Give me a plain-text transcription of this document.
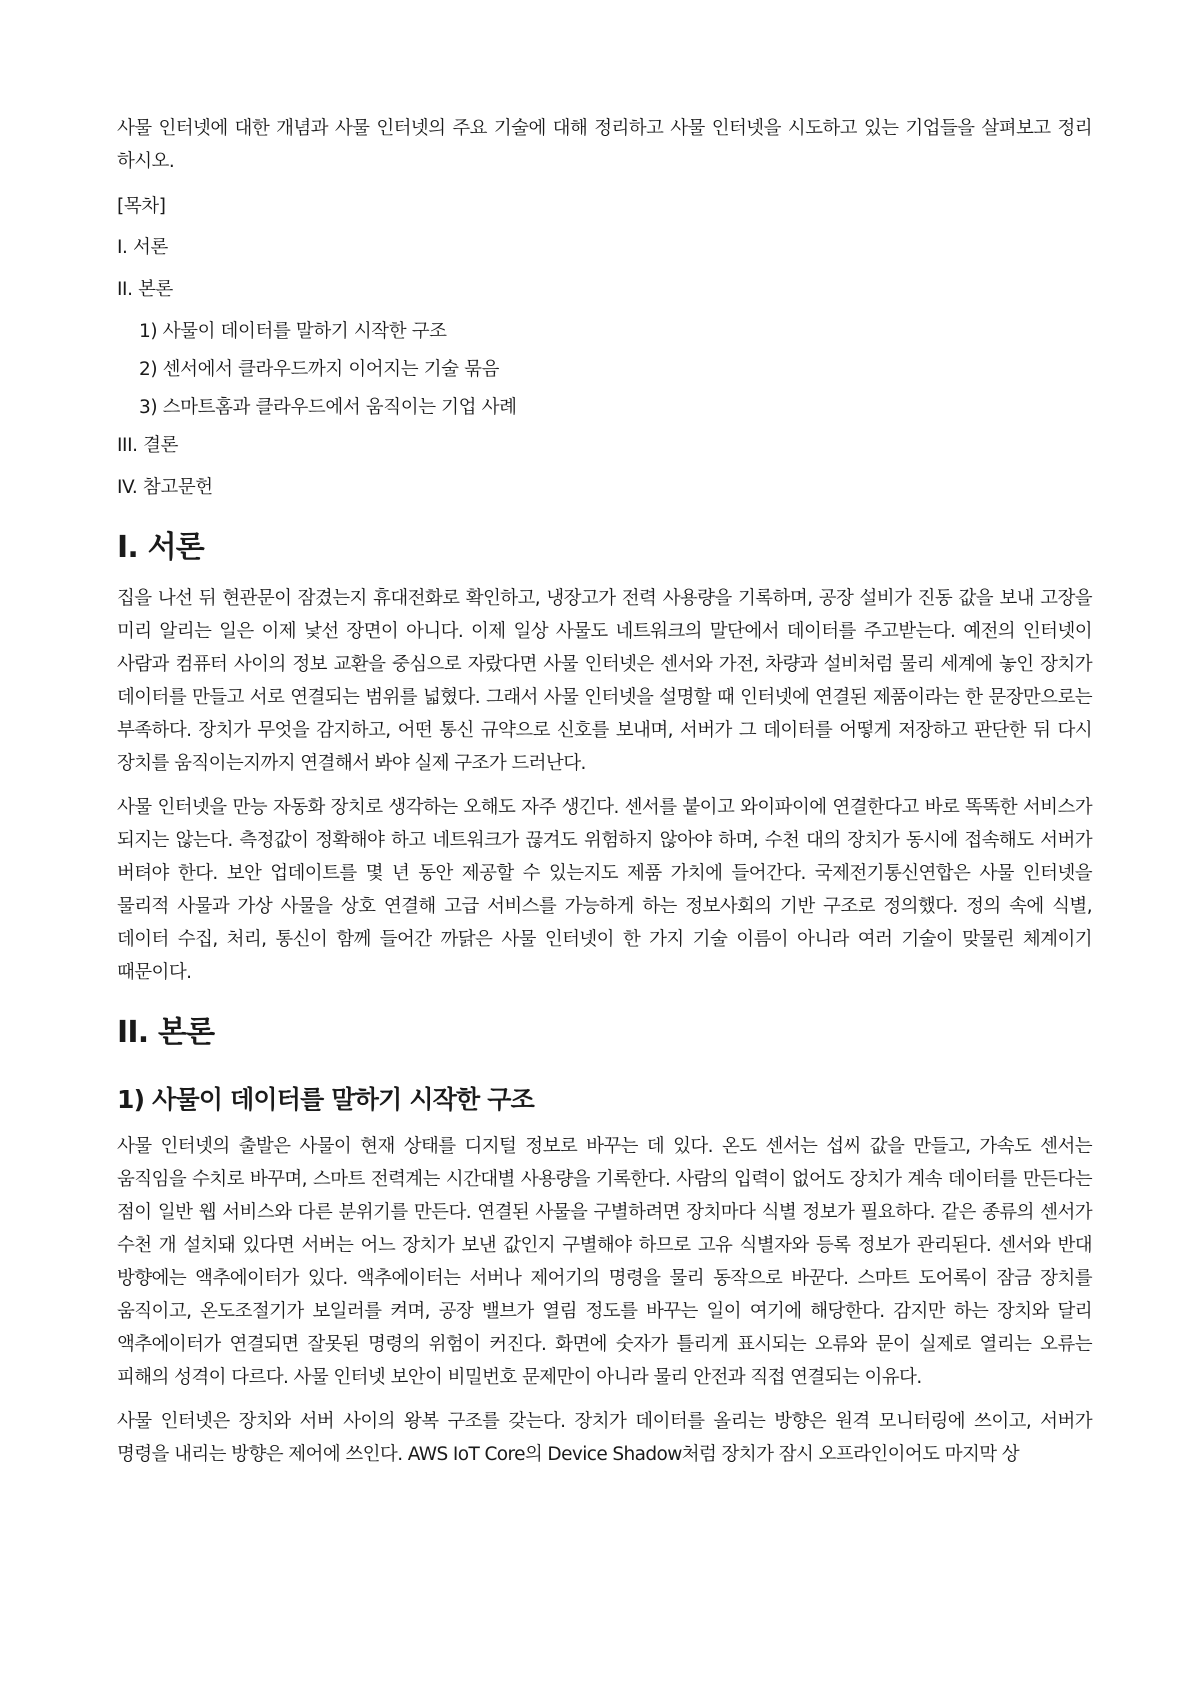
사물 인터넷에 대한 개념과 사물 인터넷의 주요 기술에 대해 정리하고 사물 인터넷을 시도하고 있는 기업들을 살펴보고 정리 하시오.

[목차]

I. 서론

II. 본론

1) 사물이 데이터를 말하기 시작한 구조

2) 센서에서 클라우드까지 이어지는 기술 묶음

3) 스마트홈과 클라우드에서 움직이는 기업 사례

III. 결론

IV. 참고문헌

I. 서론

집을 나선 뒤 현관문이 잠겼는지 휴대전화로 확인하고, 냉장고가 전력 사용량을 기록하며, 공장 설비가 진동 값을 보내 고장을 미리 알리는 일은 이제 낯선 장면이 아니다. 이제 일상 사물도 네트워크의 말단에서 데이터를 주고받는다. 예전의 인터넷이 사람과 컴퓨터 사이의 정보 교환을 중심으로 자랐다면 사물 인터넷은 센서와 가전, 차량과 설비처럼 물리 세계에 놓인 장치가 데이터를 만들고 서로 연결되는 범위를 넓혔다. 그래서 사물 인터넷을 설명할 때 인터넷에 연결된 제품이라는 한 문장만으로는 부족하다. 장치가 무엇을 감지하고, 어떤 통신 규약으로 신호를 보내며, 서버가 그 데이터를 어떻게 저장하고 판단한 뒤 다시 장치를 움직이는지까지 연결해서 봐야 실제 구조가 드러난다.

사물 인터넷을 만능 자동화 장치로 생각하는 오해도 자주 생긴다. 센서를 붙이고 와이파이에 연결한다고 바로 똑똑한 서비스가 되지는 않는다. 측정값이 정확해야 하고 네트워크가 끊겨도 위험하지 않아야 하며, 수천 대의 장치가 동시에 접속해도 서버가 버텨야 한다. 보안 업데이트를 몇 년 동안 제공할 수 있는지도 제품 가치에 들어간다. 국제전기통신연합은 사물 인터넷을 물리적 사물과 가상 사물을 상호 연결해 고급 서비스를 가능하게 하는 정보사회의 기반 구조로 정의했다. 정의 속에 식별, 데이터 수집, 처리, 통신이 함께 들어간 까닭은 사물 인터넷이 한 가지 기술 이름이 아니라 여러 기술이 맞물린 체계이기 때문이다.

II. 본론
1) 사물이 데이터를 말하기 시작한 구조

사물 인터넷의 출발은 사물이 현재 상태를 디지털 정보로 바꾸는 데 있다. 온도 센서는 섭씨 값을 만들고, 가속도 센서는 움직임을 수치로 바꾸며, 스마트 전력계는 시간대별 사용량을 기록한다. 사람의 입력이 없어도 장치가 계속 데이터를 만든다는 점이 일반 웹 서비스와 다른 분위기를 만든다. 연결된 사물을 구별하려면 장치마다 식별 정보가 필요하다. 같은 종류의 센서가 수천 개 설치돼 있다면 서버는 어느 장치가 보낸 값인지 구별해야 하므로 고유 식별자와 등록 정보가 관리된다. 센서와 반대 방향에는 액추에이터가 있다. 액추에이터는 서버나 제어기의 명령을 물리 동작으로 바꾼다. 스마트 도어록이 잠금 장치를 움직이고, 온도조절기가 보일러를 켜며, 공장 밸브가 열림 정도를 바꾸는 일이 여기에 해당한다. 감지만 하는 장치와 달리 액추에이터가 연결되면 잘못된 명령의 위험이 커진다. 화면에 숫자가 틀리게 표시되는 오류와 문이 실제로 열리는 오류는 피해의 성격이 다르다. 사물 인터넷 보안이 비밀번호 문제만이 아니라 물리 안전과 직접 연결되는 이유다.

사물 인터넷은 장치와 서버 사이의 왕복 구조를 갖는다. 장치가 데이터를 올리는 방향은 원격 모니터링에 쓰이고, 서버가 명령을 내리는 방향은 제어에 쓰인다. AWS IoT Core의 Device Shadow처럼 장치가 잠시 오프라인이어도 마지막 상
